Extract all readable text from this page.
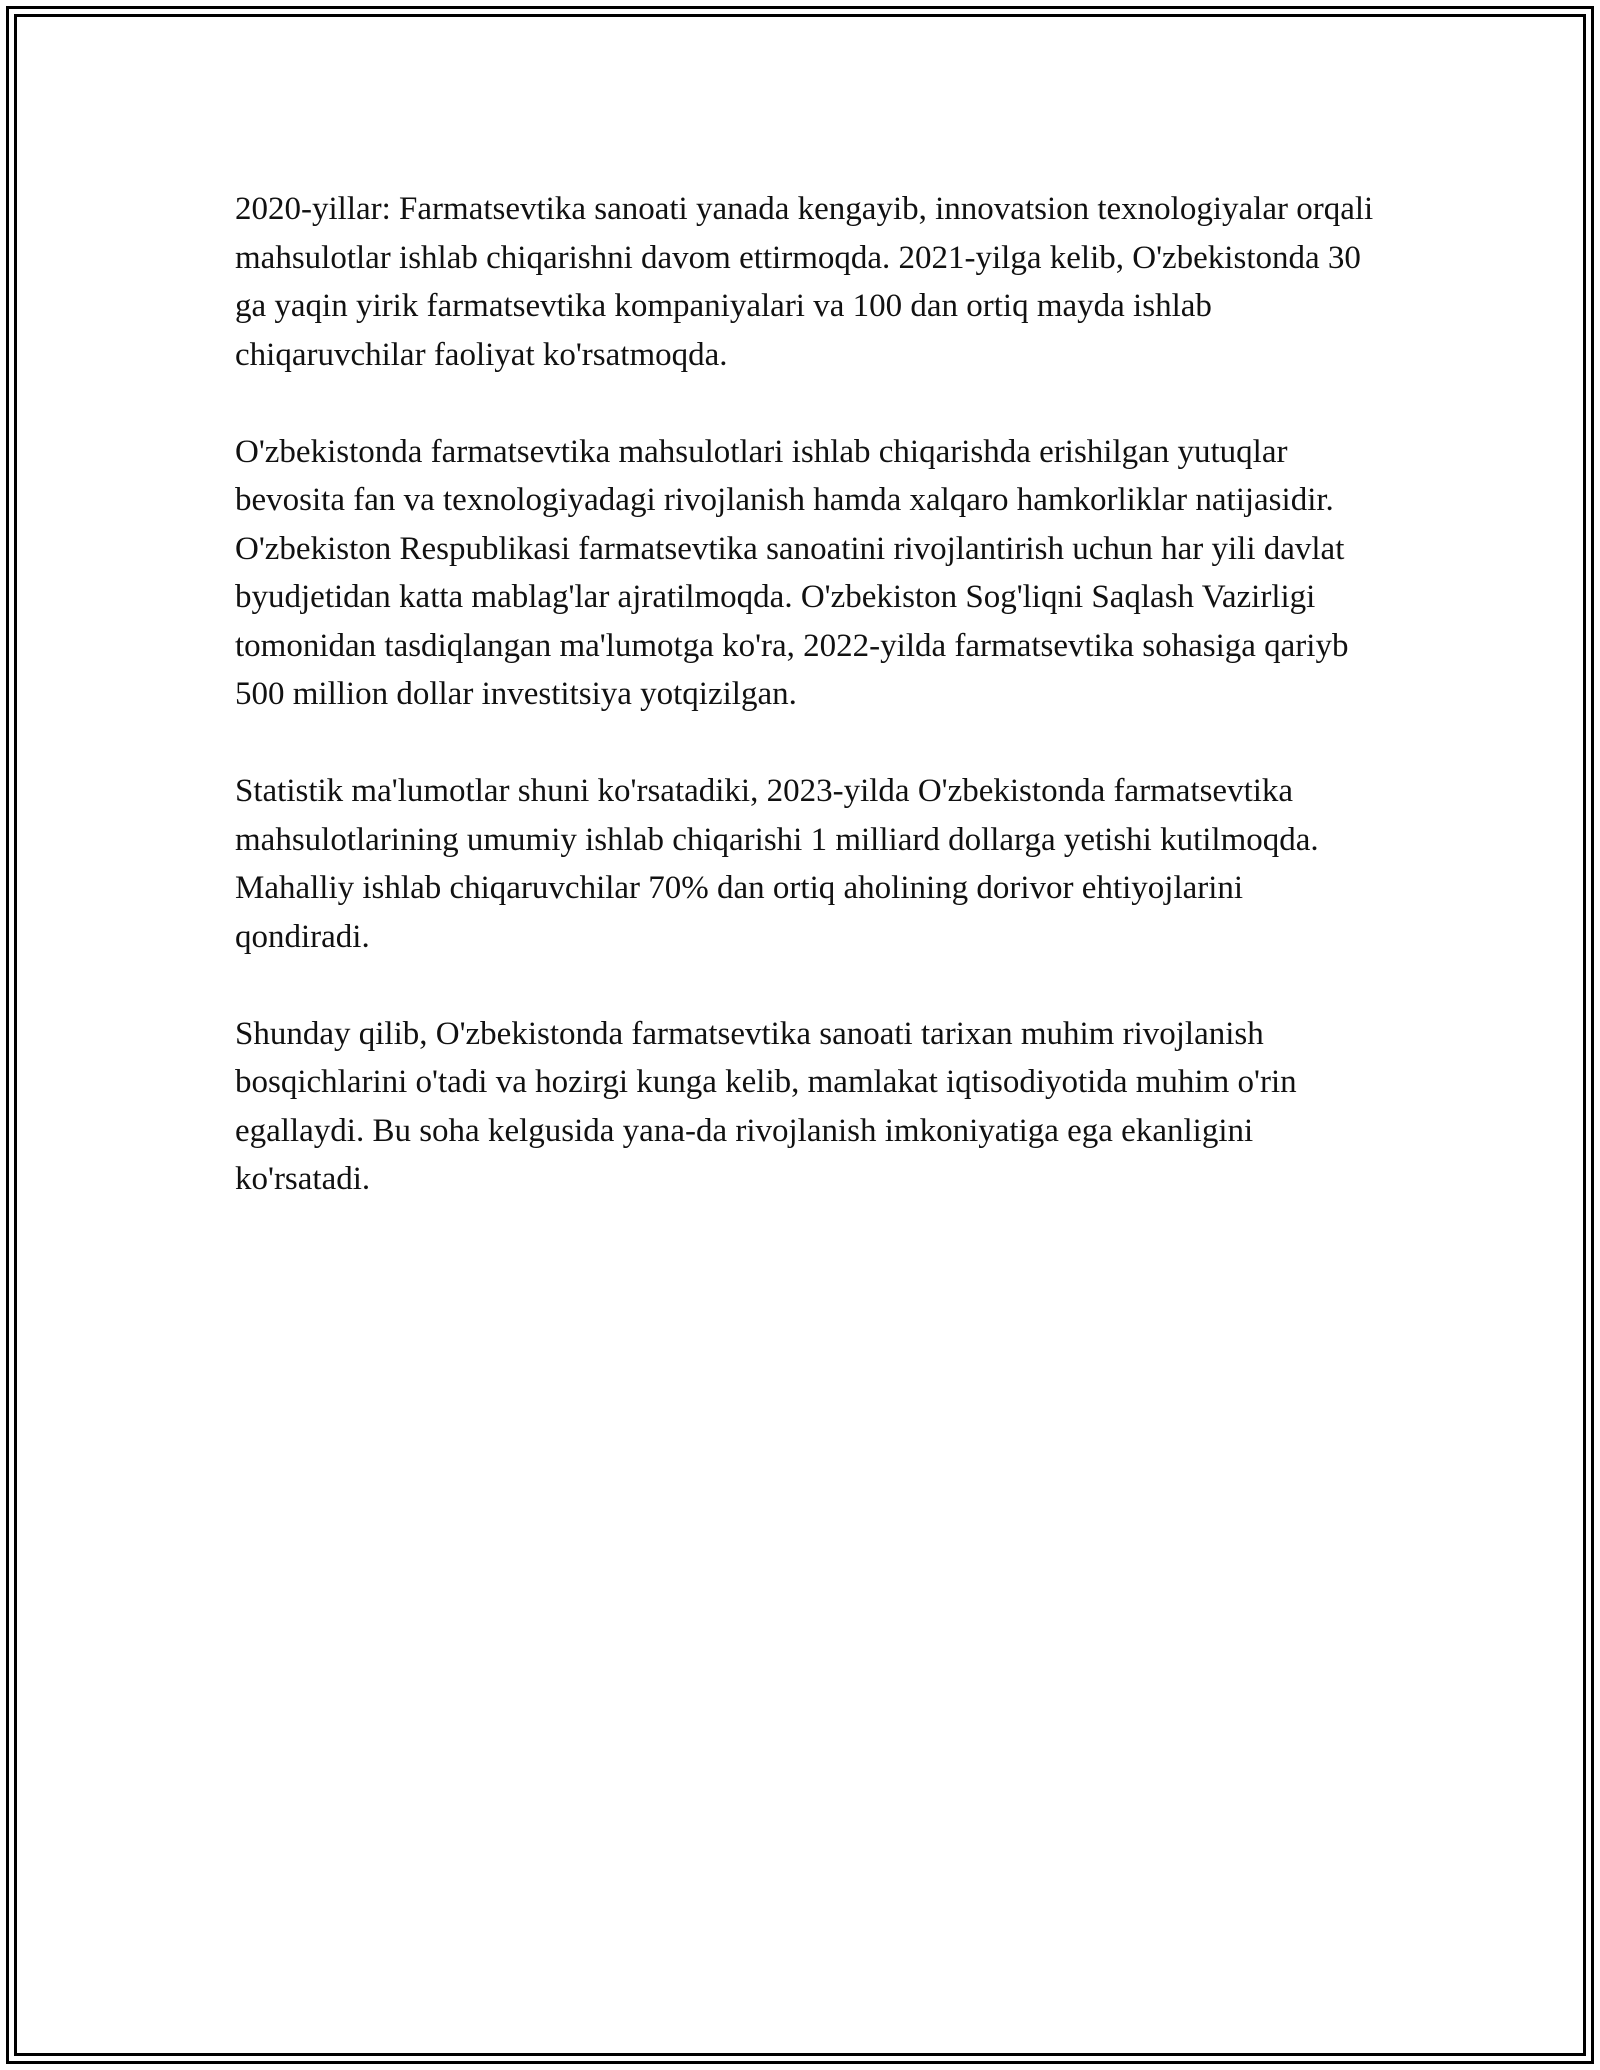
2020-yillar: Farmatsevtika sanoati yanada kengayib, innovatsion texnologiyalar orqali mahsulotlar ishlab chiqarishni davom ettirmoqda. 2021-yilga kelib, O'zbekistonda 30 ga yaqin yirik farmatsevtika kompaniyalari va 100 dan ortiq mayda ishlab chiqaruvchilar faoliyat ko'rsatmoqda.

O'zbekistonda farmatsevtika mahsulotlari ishlab chiqarishda erishilgan yutuqlar bevosita fan va texnologiyadagi rivojlanish hamda xalqaro hamkorliklar natijasidir. O'zbekiston Respublikasi farmatsevtika sanoatini rivojlantirish uchun har yili davlat byudjetidan katta mablag'lar ajratilmoqda. O'zbekiston Sog'liqni Saqlash Vazirligi tomonidan tasdiqlangan ma'lumotga ko'ra, 2022-yilda farmatsevtika sohasiga qariyb 500 million dollar investitsiya yotqizilgan.

Statistik ma'lumotlar shuni ko'rsatadiki, 2023-yilda O'zbekistonda farmatsevtika mahsulotlarining umumiy ishlab chiqarishi 1 milliard dollarga yetishi kutilmoqda. Mahalliy ishlab chiqaruvchilar 70% dan ortiq aholining dorivor ehtiyojlarini qondiradi.

Shunday qilib, O'zbekistonda farmatsevtika sanoati tarixan muhim rivojlanish bosqichlarini o'tadi va hozirgi kunga kelib, mamlakat iqtisodiyotida muhim o'rin egallaydi. Bu soha kelgusida yana-da rivojlanish imkoniyatiga ega ekanligini ko'rsatadi.
